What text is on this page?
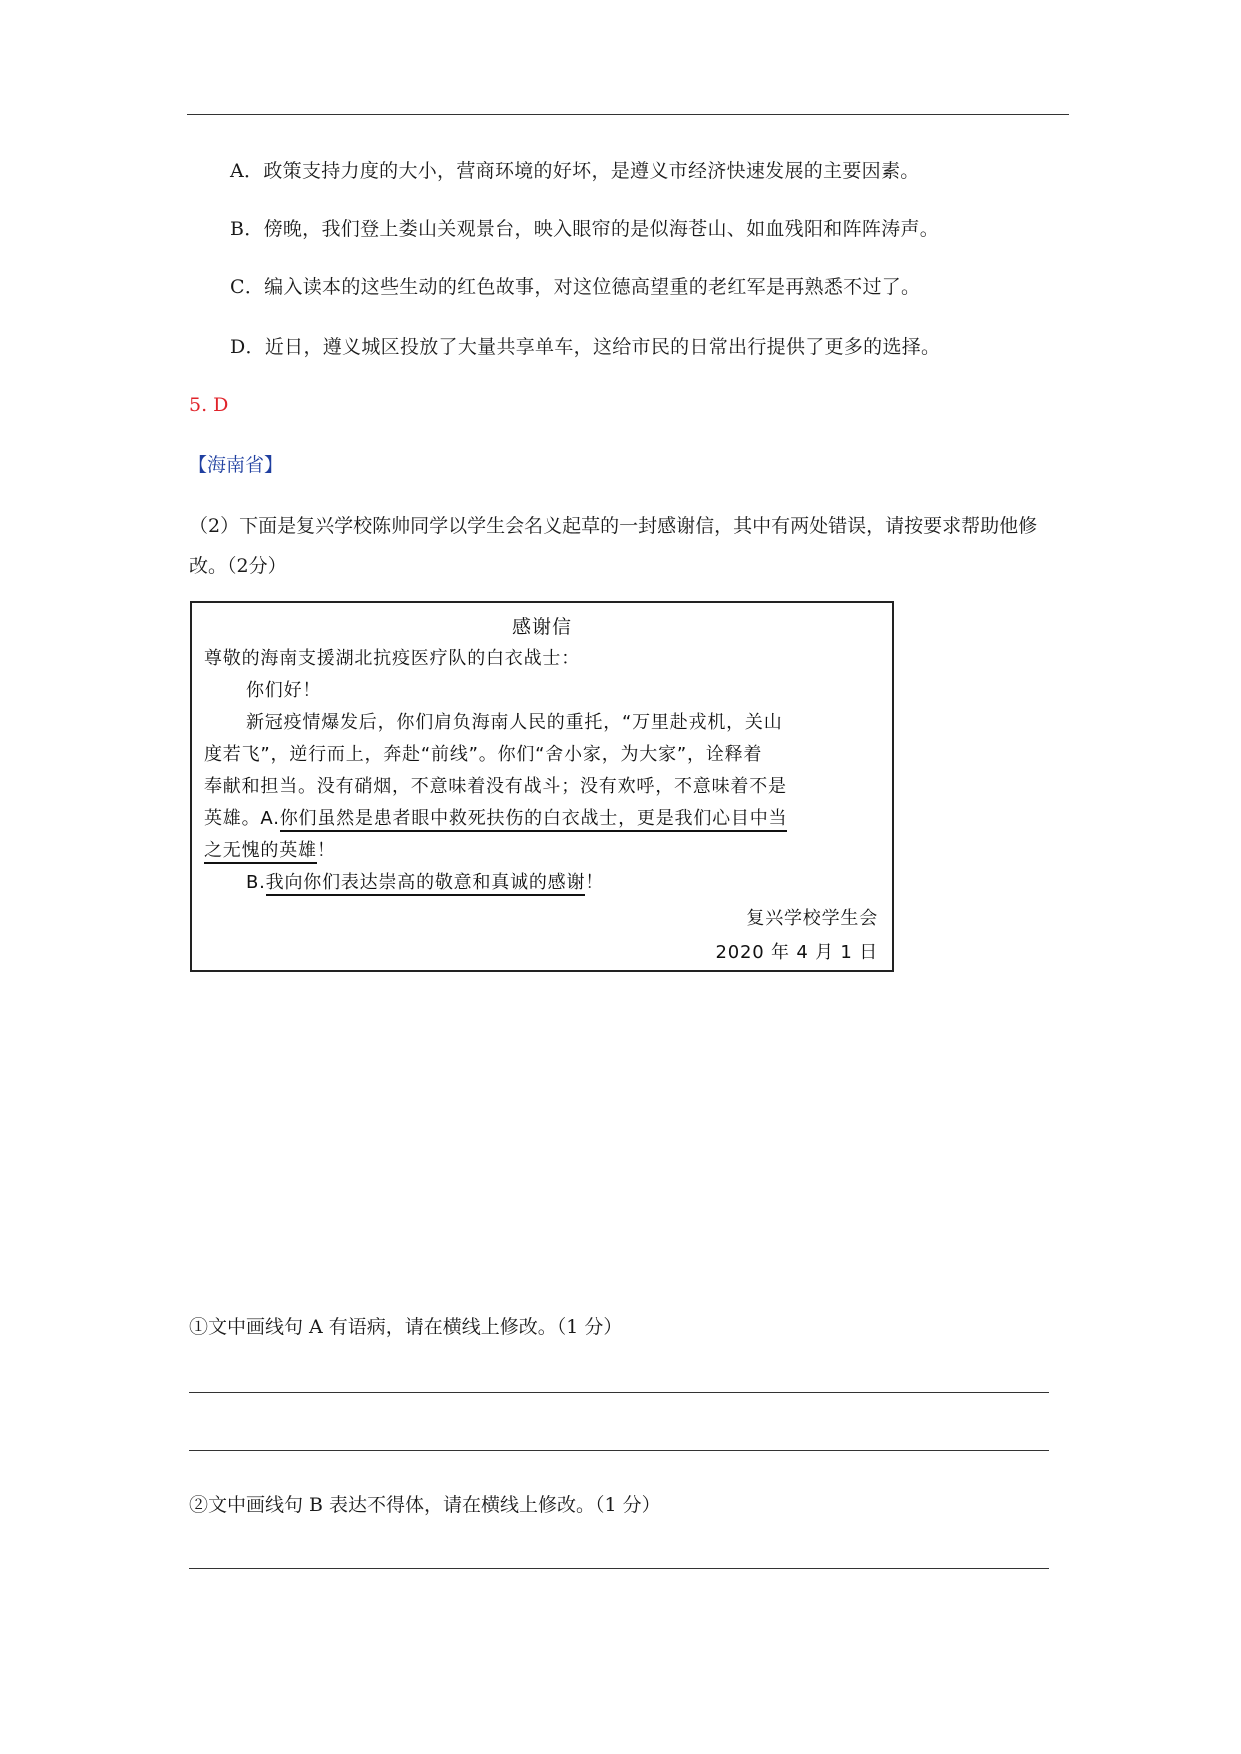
A．政策支持力度的大小，营商环境的好坏，是遵义市经济快速发展的主要因素。
B．傍晚，我们登上娄山关观景台，映入眼帘的是似海苍山、如血残阳和阵阵涛声。
C．编入读本的这些生动的红色故事，对这位德高望重的老红军是再熟悉不过了。
D．近日，遵义城区投放了大量共享单车，这给市民的日常出行提供了更多的选择。
5. D
【海南省】
（2）下面是复兴学校陈帅同学以学生会名义起草的一封感谢信，其中有两处错误，请按要求帮助他修改。（2分）
感谢信
尊敬的海南支援湖北抗疫医疗队的白衣战士：
你们好！
新冠疫情爆发后，你们肩负海南人民的重托，“万里赴戎机，关山
度若飞”，逆行而上，奔赴“前线”。你们“舍小家，为大家”，诠释着
奉献和担当。没有硝烟，不意味着没有战斗；没有欢呼，不意味着不是
英雄。A.你们虽然是患者眼中救死扶伤的白衣战士，更是我们心目中当
之无愧的英雄！
B.我向你们表达崇高的敬意和真诚的感谢！
复兴学校学生会
2020 年 4 月 1 日
①文中画线句 A 有语病，请在横线上修改。（1 分）
②文中画线句 B 表达不得体，请在横线上修改。（1 分）
